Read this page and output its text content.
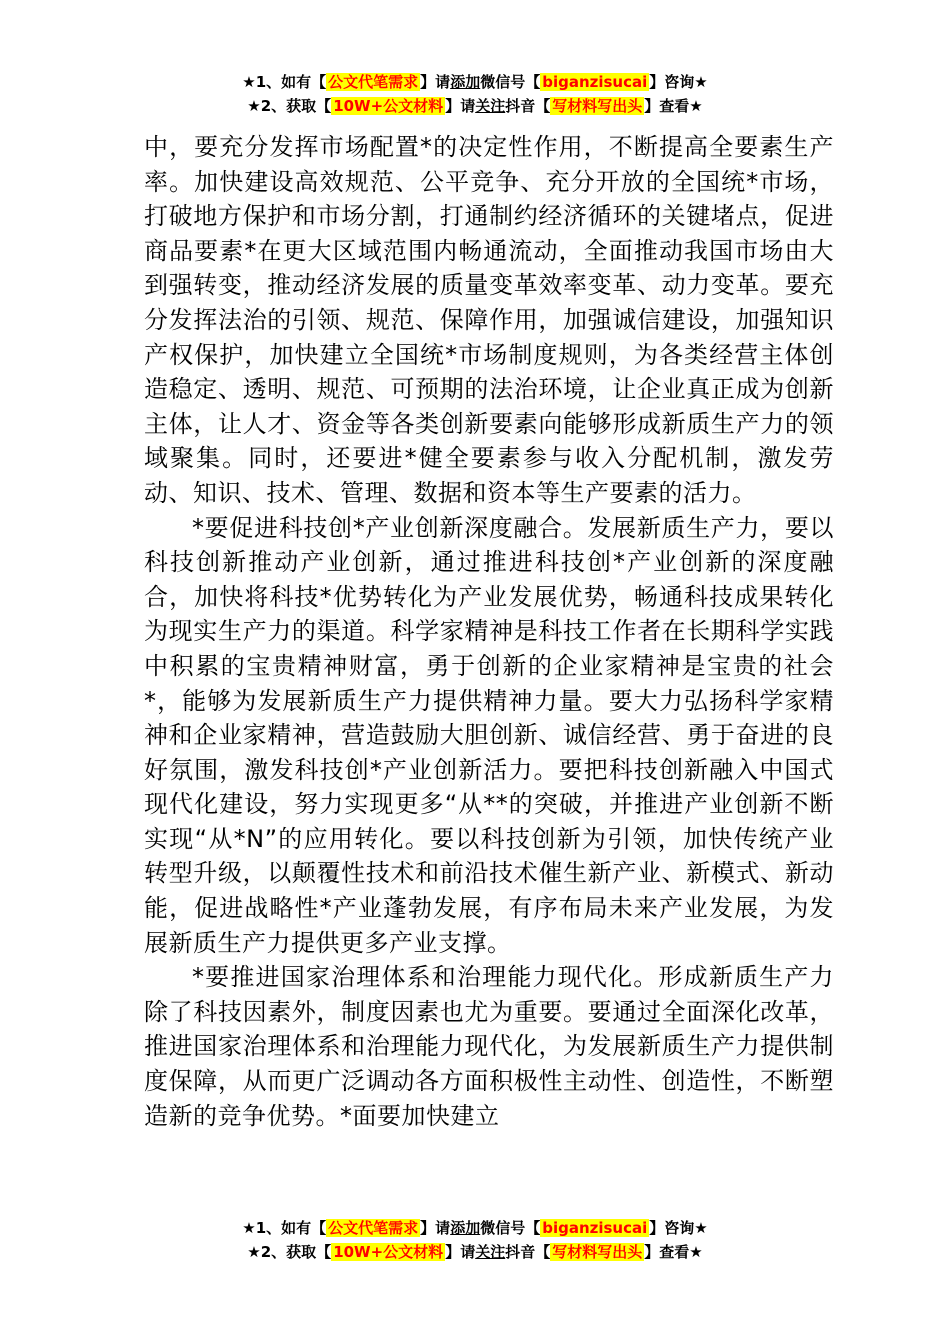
★1、如有【 公文代笔需求 】请添加微信号【 biganzisucai 】咨询★
★2、获取【 10W+公文材料 】请关注抖音【 写材料写出头 】查看★

中，要充分发挥市场配置*的决定性作用，不断提高全要素生产率。加快建设高效规范、公平竞争、充分开放的全国统*市场，打破地方保护和市场分割，打通制约经济循环的关键堵点，促进商品要素*在更大区域范围内畅通流动，全面推动我国市场由大到强转变，推动经济发展的质量变革效率变革、动力变革。要充分发挥法治的引领、规范、保障作用，加强诚信建设，加强知识产权保护，加快建立全国统*市场制度规则，为各类经营主体创造稳定、透明、规范、可预期的法治环境，让企业真正成为创新主体，让人才、资金等各类创新要素向能够形成新质生产力的领域聚集。同时，还要进*健全要素参与收入分配机制，激发劳动、知识、技术、管理、数据和资本等生产要素的活力。

*要促进科技创*产业创新深度融合。发展新质生产力，要以科技创新推动产业创新，通过推进科技创*产业创新的深度融合，加快将科技*优势转化为产业发展优势，畅通科技成果转化为现实生产力的渠道。科学家精神是科技工作者在长期科学实践中积累的宝贵精神财富，勇于创新的企业家精神是宝贵的社会*，能够为发展新质生产力提供精神力量。要大力弘扬科学家精神和企业家精神，营造鼓励大胆创新、诚信经营、勇于奋进的良好氛围，激发科技创*产业创新活力。要把科技创新融入中国式现代化建设，努力实现更多“从**的突破，并推进产业创新不断实现“从*N”的应用转化。要以科技创新为引领，加快传统产业转型升级，以颠覆性技术和前沿技术催生新产业、新模式、新动能，促进战略性*产业蓬勃发展，有序布局未来产业发展，为发展新质生产力提供更多产业支撑。

*要推进国家治理体系和治理能力现代化。形成新质生产力除了科技因素外，制度因素也尤为重要。要通过全面深化改革，推进国家治理体系和治理能力现代化，为发展新质生产力提供制度保障，从而更广泛调动各方面积极性主动性、创造性，不断塑造新的竞争优势。*面要加快建立

★1、如有【 公文代笔需求 】请添加微信号【 biganzisucai 】咨询★
★2、获取【 10W+公文材料 】请关注抖音【 写材料写出头 】查看★
